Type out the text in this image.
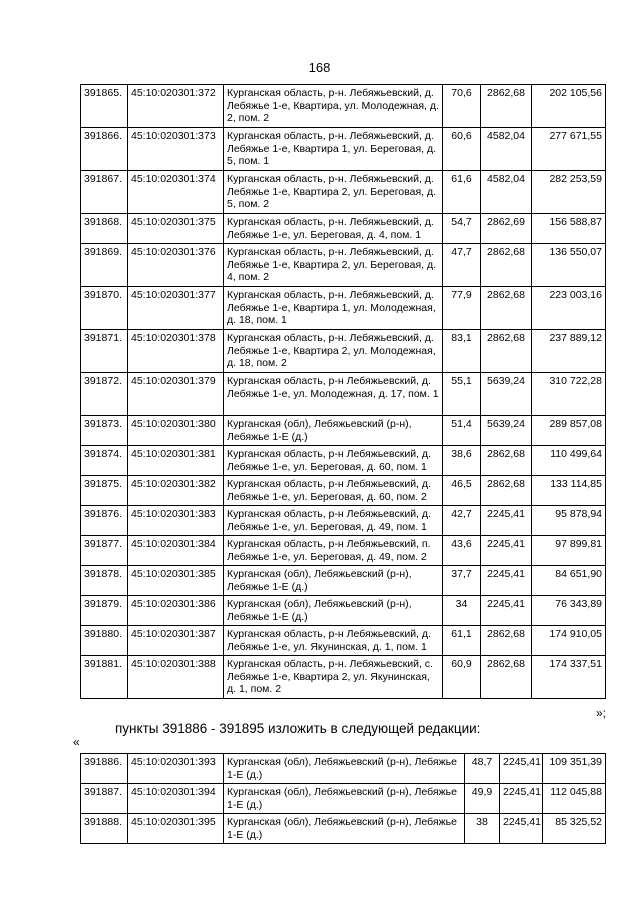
168
391865.	45:10:020301:372	Курганская область, р-н. Лебяжьевский, д. Лебяжье 1-е, Квартира, ул. Молодежная, д. 2, пом. 2	70,6	2862,68	202 105,56
391866.	45:10:020301:373	Курганская область, р-н. Лебяжьевский, д. Лебяжье 1-е, Квартира 1, ул. Береговая, д. 5, пом. 1	60,6	4582,04	277 671,55
391867.	45:10:020301:374	Курганская область, р-н. Лебяжьевский, д. Лебяжье 1-е, Квартира 2, ул. Береговая, д. 5, пом. 2	61,6	4582,04	282 253,59
391868.	45:10:020301:375	Курганская область, р-н. Лебяжьевский, д. Лебяжье 1-е, ул. Береговая, д. 4, пом. 1	54,7	2862,69	156 588,87
391869.	45:10:020301:376	Курганская область, р-н. Лебяжьевский, д. Лебяжье 1-е, Квартира 2, ул. Береговая, д. 4, пом. 2	47,7	2862,68	136 550,07
391870.	45:10:020301:377	Курганская область, р-н. Лебяжьевский, д. Лебяжье 1-е, Квартира 1, ул. Молодежная, д. 18, пом. 1	77,9	2862,68	223 003,16
391871.	45:10:020301:378	Курганская область, р-н. Лебяжьевский, д. Лебяжье 1-е, Квартира 2, ул. Молодежная, д. 18, пом. 2	83,1	2862,68	237 889,12
391872.	45:10:020301:379	Курганская область, р-н Лебяжьевский, д. Лебяжье 1-е, ул. Молодежная, д. 17, пом. 1	55,1	5639,24	310 722,28
391873.	45:10:020301:380	Курганская (обл), Лебяжьевский (р-н), Лебяжье 1-Е (д.)	51,4	5639,24	289 857,08
391874.	45:10:020301:381	Курганская область, р-н Лебяжьевский, д. Лебяжье 1-е, ул. Береговая, д. 60, пом. 1	38,6	2862,68	110 499,64
391875.	45:10:020301:382	Курганская область, р-н Лебяжьевский, д. Лебяжье 1-е, ул. Береговая, д. 60, пом. 2	46,5	2862,68	133 114,85
391876.	45:10:020301:383	Курганская область, р-н Лебяжьевский, д. Лебяжье 1-е, ул. Береговая, д. 49, пом. 1	42,7	2245,41	95 878,94
391877.	45:10:020301:384	Курганская область, р-н Лебяжьевский, п. Лебяжье 1-е, ул. Береговая, д. 49, пом. 2	43,6	2245,41	97 899,81
391878.	45:10:020301:385	Курганская (обл), Лебяжьевский (р-н), Лебяжье 1-Е (д.)	37,7	2245,41	84 651,90
391879.	45:10:020301:386	Курганская (обл), Лебяжьевский (р-н), Лебяжье 1-Е (д.)	34	2245,41	76 343,89
391880.	45:10:020301:387	Курганская область, р-н Лебяжьевский, д. Лебяжье 1-е, ул. Якунинская, д. 1, пом. 1	61,1	2862,68	174 910,05
391881.	45:10:020301:388	Курганская область, р-н. Лебяжьевский, с. Лебяжье 1-е, Квартира 2, ул. Якунинская, д. 1, пом. 2	60,9	2862,68	174 337,51
»;
пункты 391886 - 391895 изложить в следующей редакции:
«
391886.	45:10:020301:393	Курганская (обл), Лебяжьевский (р-н), Лебяжье 1-Е (д.)	48,7	2245,41	109 351,39
391887.	45:10:020301:394	Курганская (обл), Лебяжьевский (р-н), Лебяжье 1-Е (д.)	49,9	2245,41	112 045,88
391888.	45:10:020301:395	Курганская (обл), Лебяжьевский (р-н), Лебяжье 1-Е (д.)	38	2245,41	85 325,52
